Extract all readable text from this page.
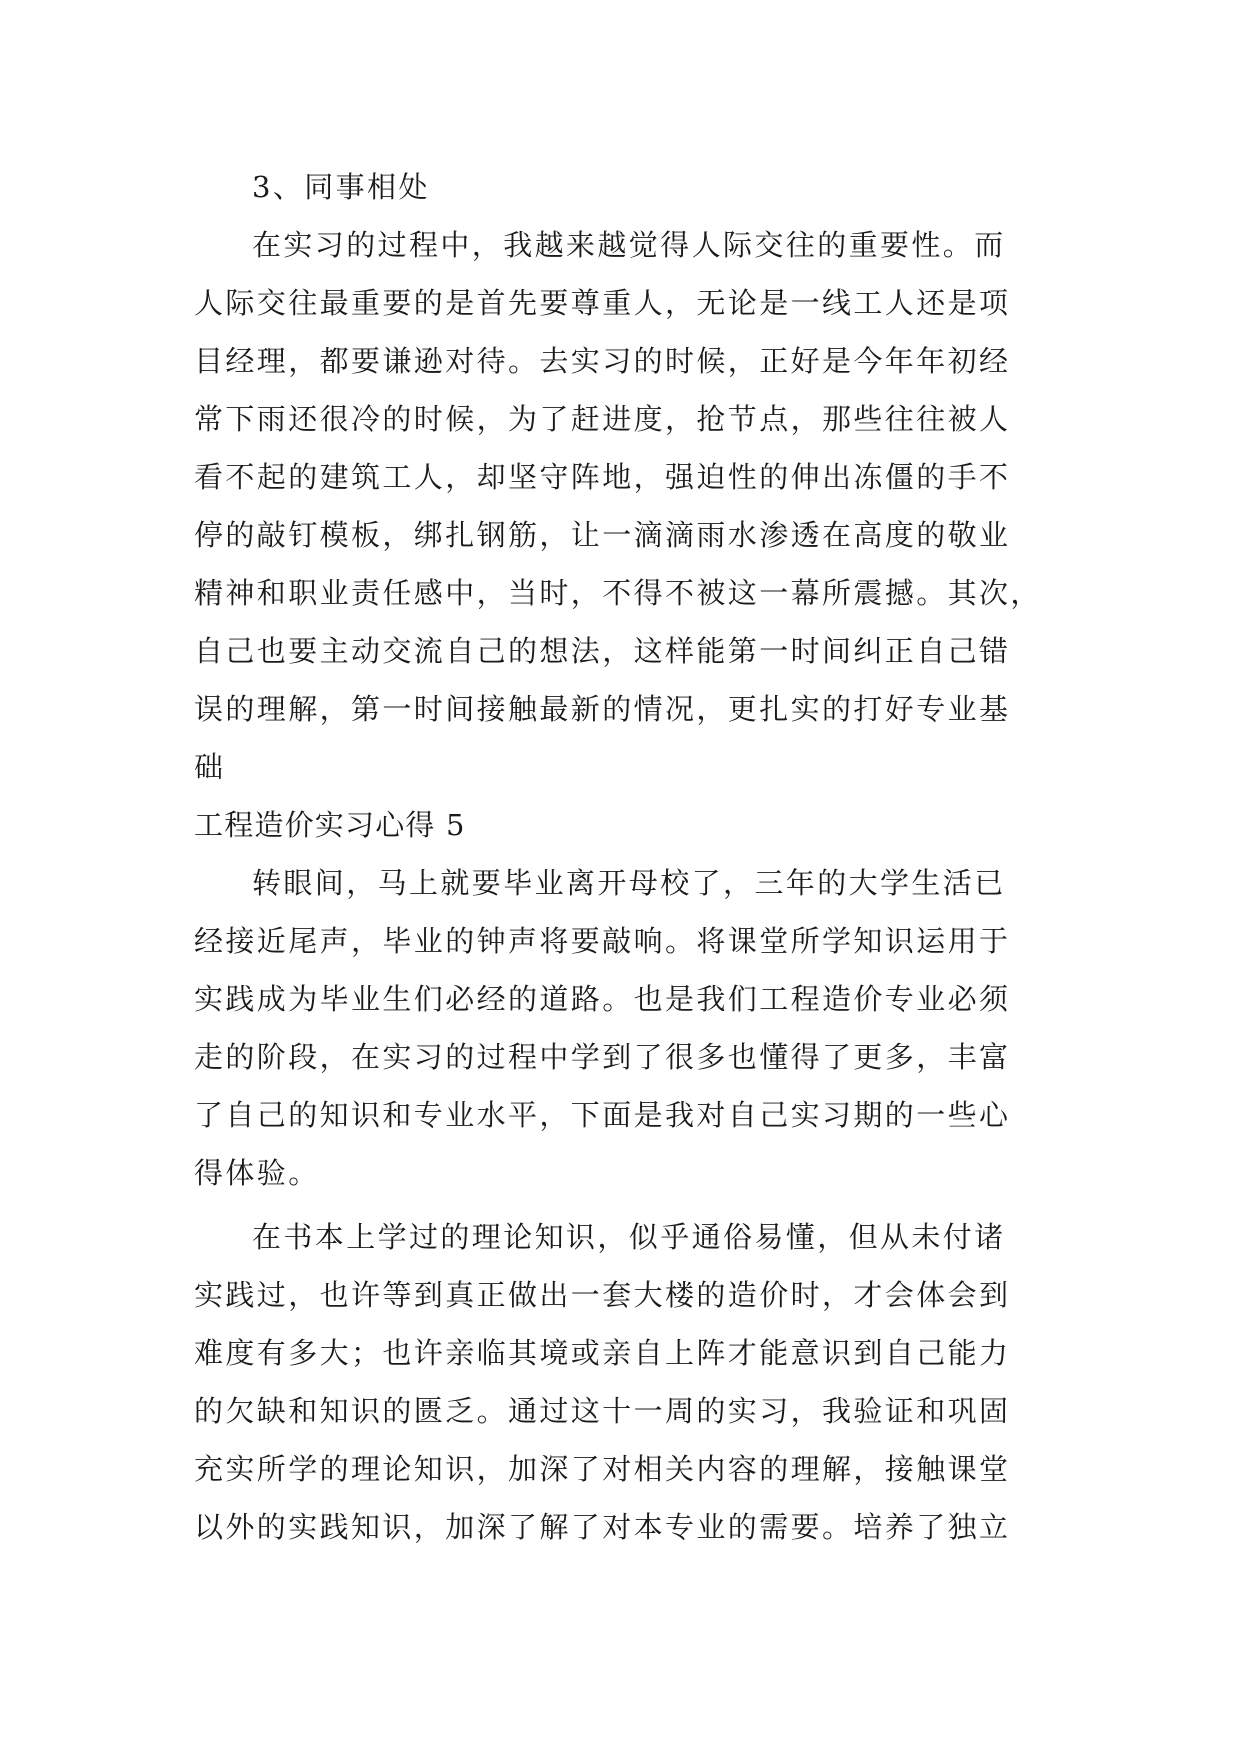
3、同事相处
在实习的过程中，我越来越觉得人际交往的重要性。而
人际交往最重要的是首先要尊重人，无论是一线工人还是项
目经理，都要谦逊对待。去实习的时候，正好是今年年初经
常下雨还很冷的时候，为了赶进度，抢节点，那些往往被人
看不起的建筑工人，却坚守阵地，强迫性的伸出冻僵的手不
停的敲钉模板，绑扎钢筋，让一滴滴雨水渗透在高度的敬业
精神和职业责任感中，当时，不得不被这一幕所震撼。其次，
自己也要主动交流自己的想法，这样能第一时间纠正自己错
误的理解，第一时间接触最新的情况，更扎实的打好专业基
础
工程造价实习心得 5
转眼间，马上就要毕业离开母校了，三年的大学生活已
经接近尾声，毕业的钟声将要敲响。将课堂所学知识运用于
实践成为毕业生们必经的道路。也是我们工程造价专业必须
走的阶段，在实习的过程中学到了很多也懂得了更多，丰富
了自己的知识和专业水平，下面是我对自己实习期的一些心
得体验。
在书本上学过的理论知识，似乎通俗易懂，但从未付诸
实践过，也许等到真正做出一套大楼的造价时，才会体会到
难度有多大；也许亲临其境或亲自上阵才能意识到自己能力
的欠缺和知识的匮乏。通过这十一周的实习，我验证和巩固
充实所学的理论知识，加深了对相关内容的理解，接触课堂
以外的实践知识，加深了解了对本专业的需要。培养了独立
